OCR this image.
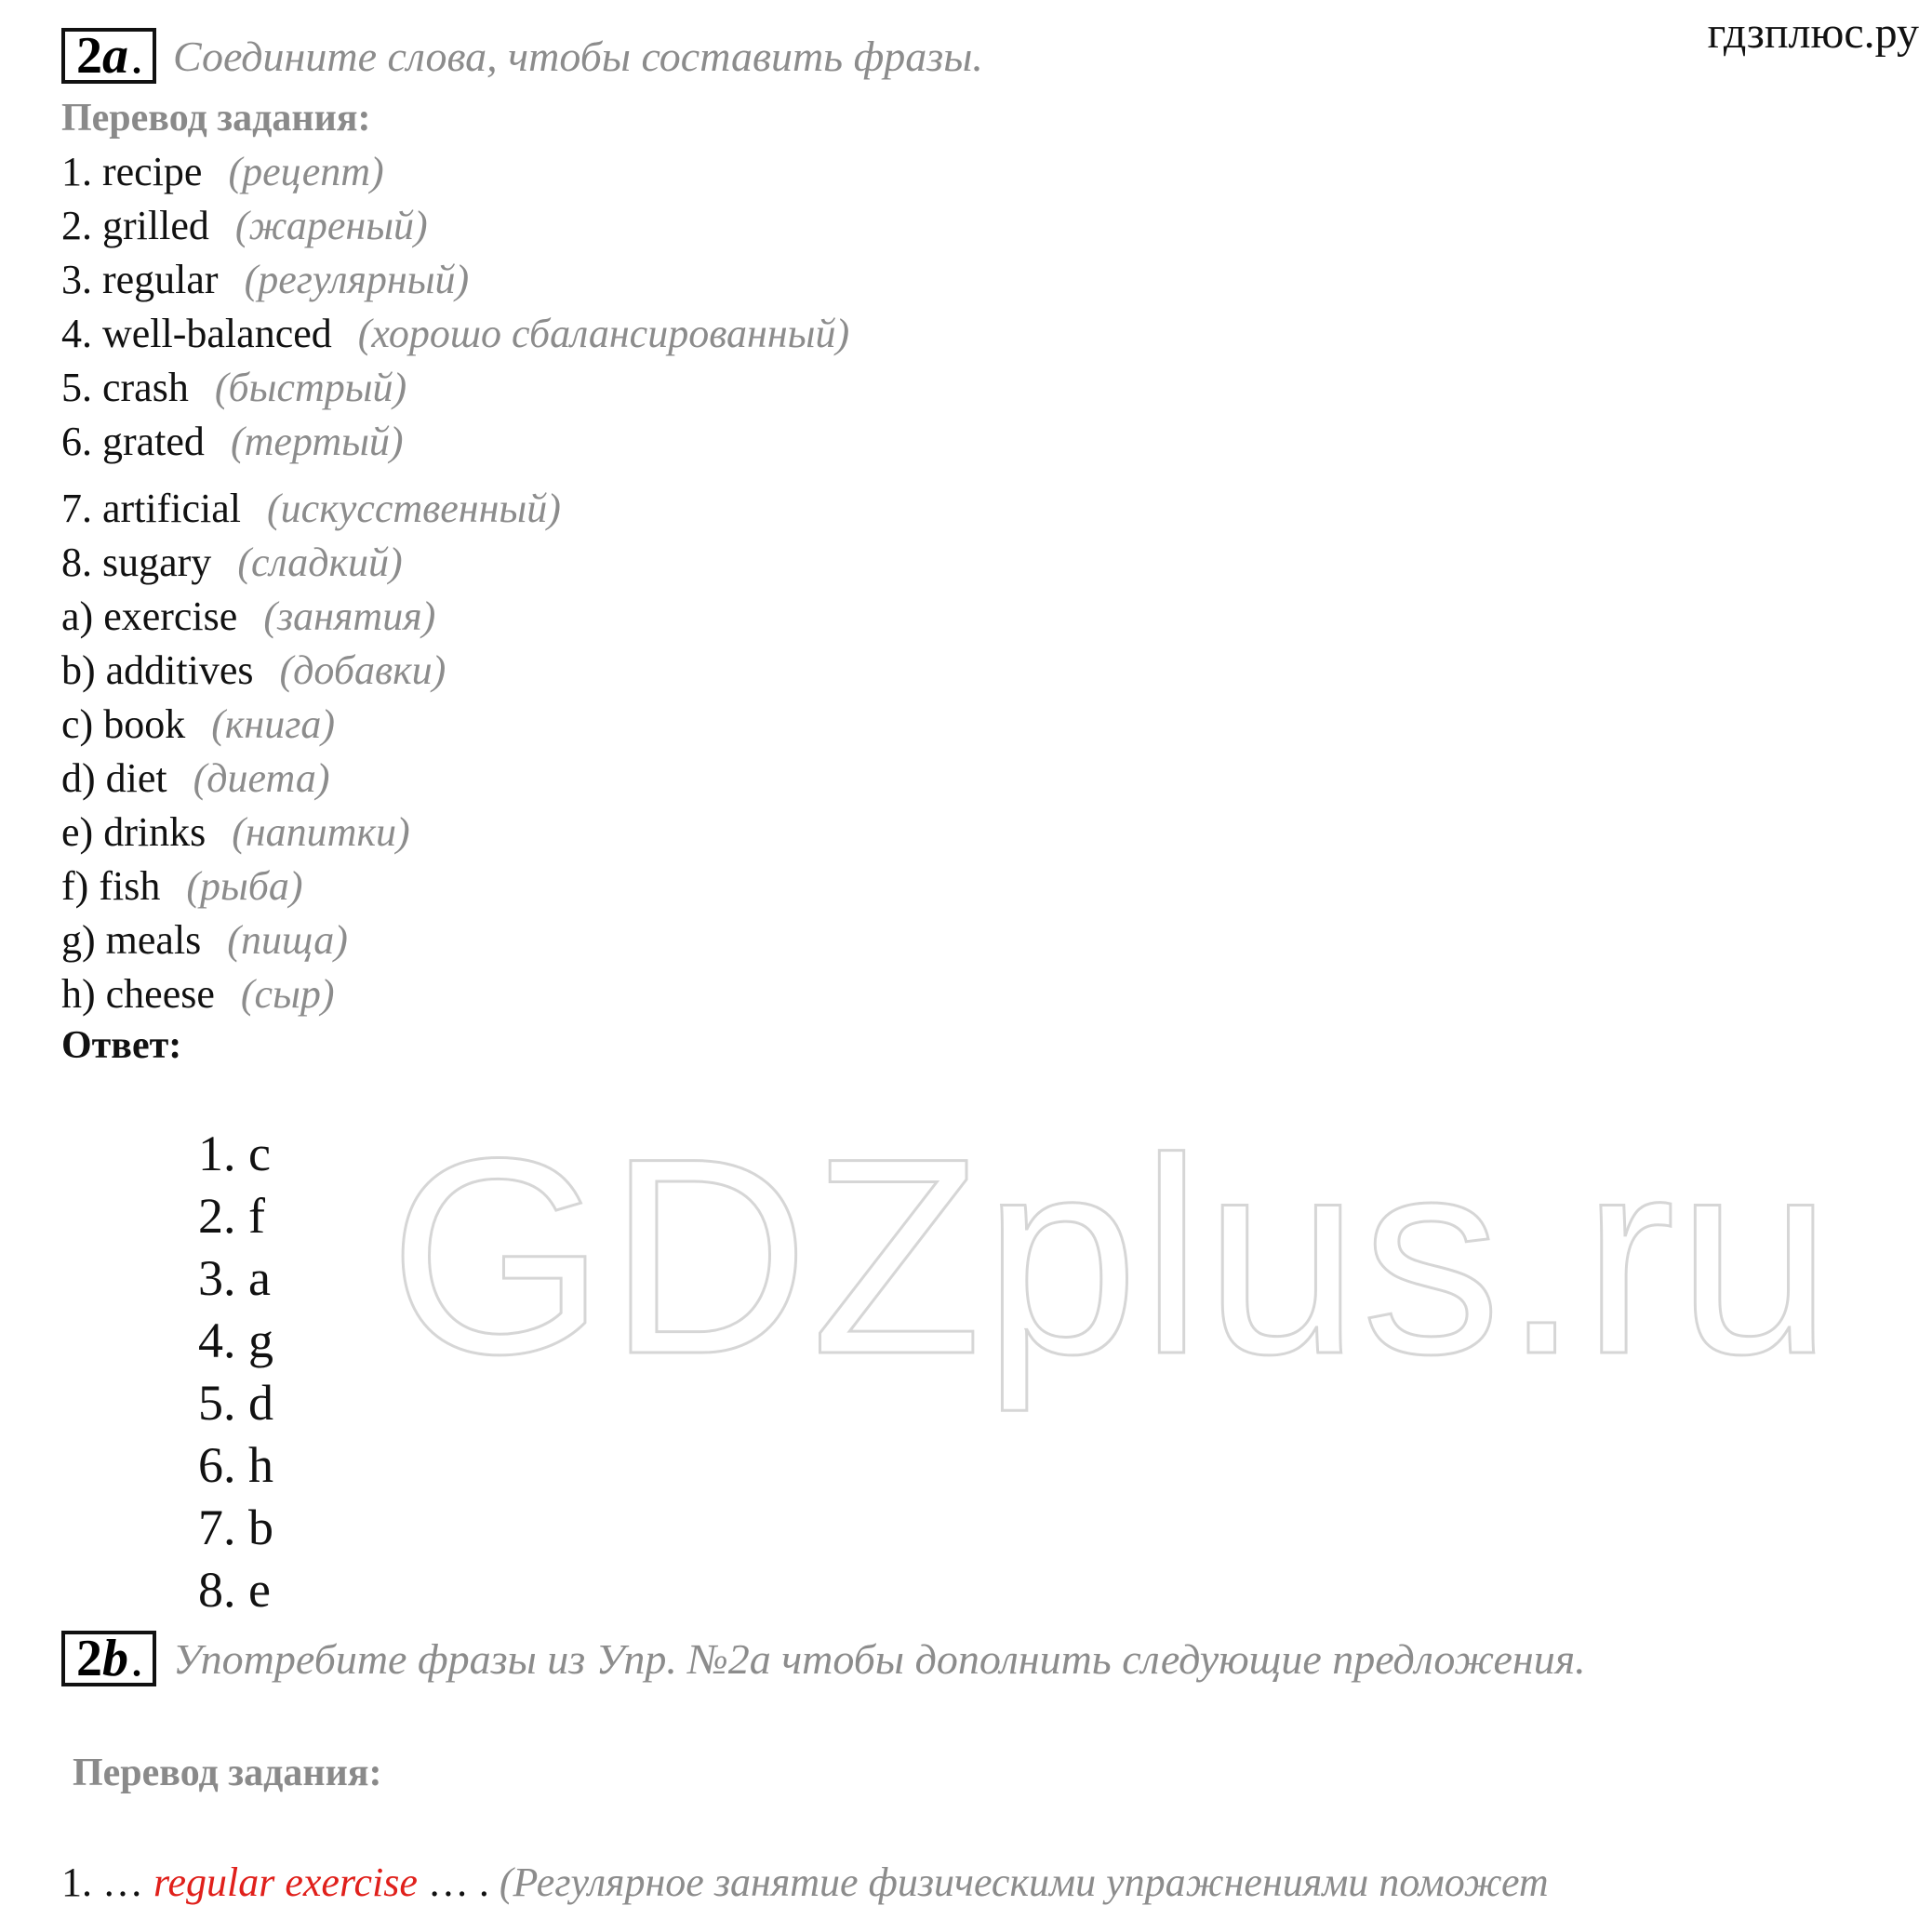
гдзплюс.ру
GDZplus.ru
2 a . Соедините слова, чтобы составить фразы.
Перевод задания:
1. recipe (рецепт)
2. grilled (жареный)
3. regular (регулярный)
4. well-balanced (хорошо сбалансированный)
5. crash (быстрый)
6. grated (тертый)
7. artificial (искусственный)
8. sugary (сладкий)
a) exercise (занятия)
b) additives (добавки)
c) book (книга)
d) diet (диета)
e) drinks (напитки)
f) fish (рыба)
g) meals (пища)
h) cheese (сыр)
Ответ:
1. c
2. f
3. a
4. g
5. d
6. h
7. b
8. e
2 b . Употребите фразы из Упр. №2а чтобы дополнить следующие предложения.
Перевод задания:
1. … regular exercise … . (Регулярное занятие физическими упражнениями поможет
